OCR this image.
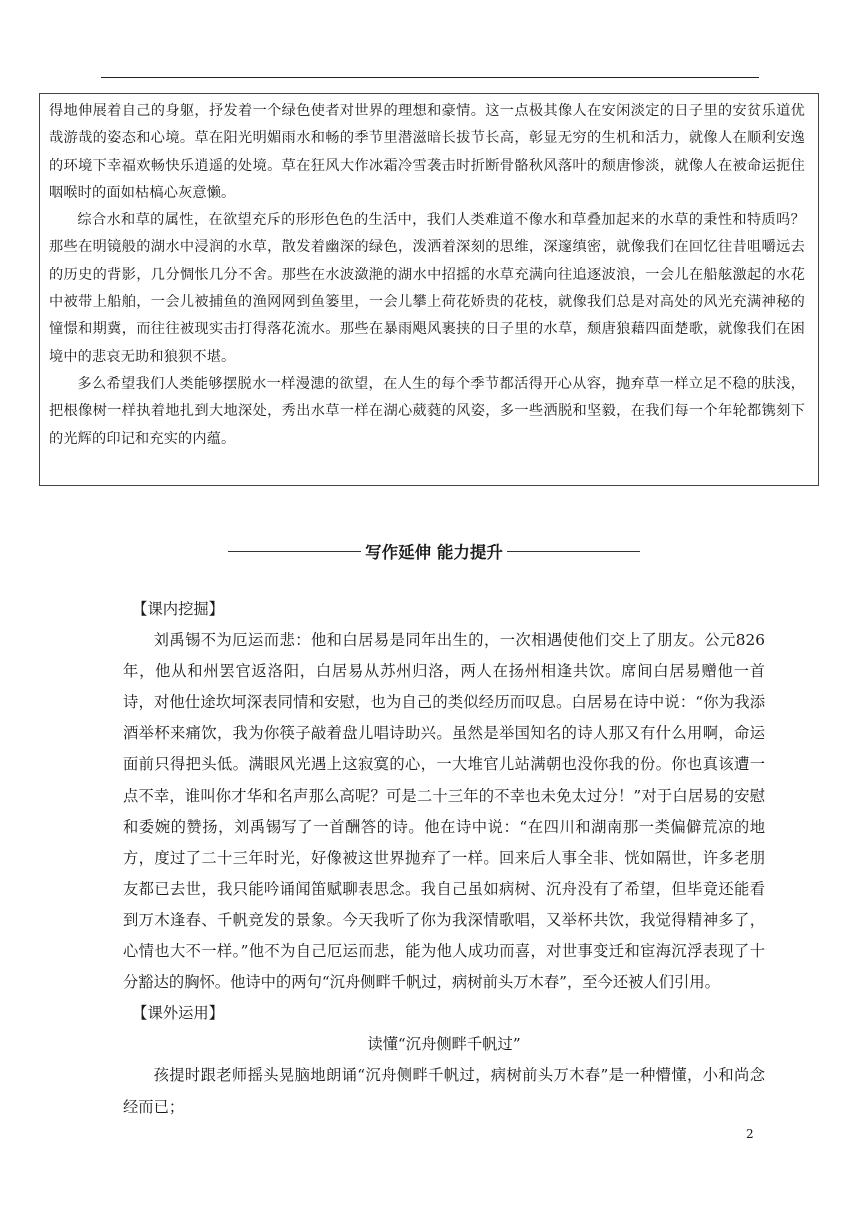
得地伸展着自己的身躯，抒发着一个绿色使者对世界的理想和豪情。这一点极其像人在安闲淡定的日子里的安贫乐道优哉游哉的姿态和心境。草在阳光明媚雨水和畅的季节里潜滋暗长拔节长高，彰显无穷的生机和活力，就像人在顺利安逸的环境下幸福欢畅快乐逍遥的处境。草在狂风大作冰霜冷雪袭击时折断骨骼秋风落叶的颓唐惨淡，就像人在被命运扼住咽喉时的面如枯槁心灰意懒。

综合水和草的属性，在欲望充斥的形形色色的生活中，我们人类难道不像水和草叠加起来的水草的秉性和特质吗？那些在明镜般的湖水中浸润的水草，散发着幽深的绿色，泼洒着深刻的思维，深邃缜密，就像我们在回忆往昔咀嚼远去的历史的背影，几分惆怅几分不舍。那些在水波潋滟的湖水中招摇的水草充满向往追逐波浪，一会儿在船舷激起的水花中被带上船舶，一会儿被捕鱼的渔网网到鱼篓里，一会儿攀上荷花娇贵的花枝，就像我们总是对高处的风光充满神秘的憧憬和期冀，而往往被现实击打得落花流水。那些在暴雨飓风裹挟的日子里的水草，颓唐狼藉四面楚歌，就像我们在困境中的悲哀无助和狼狈不堪。

多么希望我们人类能够摆脱水一样漫漶的欲望，在人生的每个季节都活得开心从容，抛弃草一样立足不稳的肤浅，把根像树一样执着地扎到大地深处，秀出水草一样在湖心葳蕤的风姿，多一些洒脱和坚毅，在我们每一个年轮都镌刻下的光辉的印记和充实的内蕴。

写作延伸 能力提升

【课内挖掘】

刘禹锡不为厄运而悲：他和白居易是同年出生的，一次相遇使他们交上了朋友。公元826年，他从和州罢官返洛阳，白居易从苏州归洛，两人在扬州相逢共饮。席间白居易赠他一首诗，对他仕途坎坷深表同情和安慰，也为自己的类似经历而叹息。白居易在诗中说：“你为我添酒举杯来痛饮，我为你筷子敲着盘儿唱诗助兴。虽然是举国知名的诗人那又有什么用啊，命运面前只得把头低。满眼风光遇上这寂寞的心，一大堆官儿站满朝也没你我的份。你也真该遭一点不幸，谁叫你才华和名声那么高呢？可是二十三年的不幸也未免太过分！”对于白居易的安慰和委婉的赞扬，刘禹锡写了一首酬答的诗。他在诗中说：“在四川和湖南那一类偏僻荒凉的地方，度过了二十三年时光，好像被这世界抛弃了一样。回来后人事全非、恍如隔世，许多老朋友都已去世，我只能吟诵闻笛赋聊表思念。我自己虽如病树、沉舟没有了希望，但毕竟还能看到万木逢春、千帆竞发的景象。今天我听了你为我深情歌唱，又举杯共饮，我觉得精神多了，心情也大不一样。”他不为自己厄运而悲，能为他人成功而喜，对世事变迁和宦海沉浮表现了十分豁达的胸怀。他诗中的两句“沉舟侧畔千帆过，病树前头万木春”，至今还被人们引用。

【课外运用】

读懂“沉舟侧畔千帆过”

孩提时跟老师摇头晃脑地朗诵“沉舟侧畔千帆过，病树前头万木春”是一种懵懂，小和尚念经而已；

2
